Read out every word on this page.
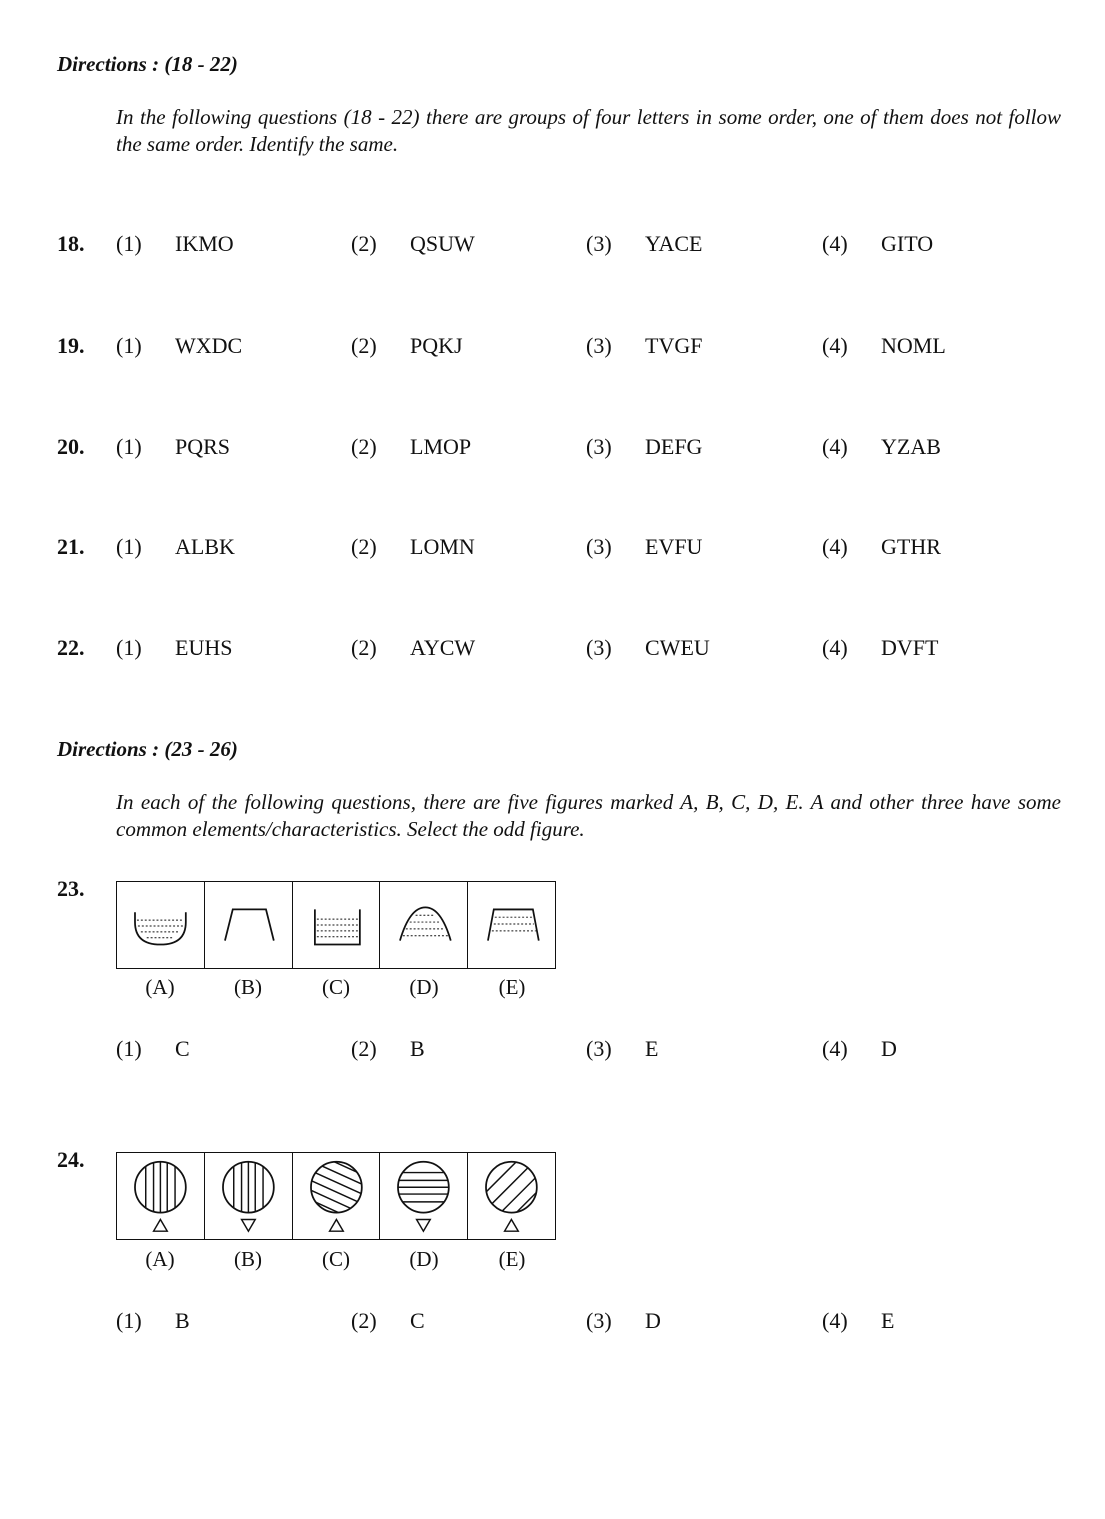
Directions : (18 - 22)
In the following questions (18 - 22) there are groups of four letters in some order, one of them does not follow the same order. Identify the same.
18. (1) IKMO	(2) QSUW	(3) YACE	(4) GITO
19. (1) WXDC	(2) PQKJ	(3) TVGF	(4) NOML
20. (1) PQRS	(2) LMOP	(3) DEFG	(4) YZAB
21. (1) ALBK	(2) LOMN	(3) EVFU	(4) GTHR
22. (1) EUHS	(2) AYCW	(3) CWEU	(4) DVFT
Directions : (23 - 26)
In each of the following questions, there are five figures marked A, B, C, D, E. A and other three have some common elements/characteristics. Select the odd figure.
23.
(A)	(B)	(C)	(D)	(E)
(1) C	(2) B	(3) E	(4) D
24.
(A)	(B)	(C)	(D)	(E)
(1) B	(2) C	(3) D	(4) E
